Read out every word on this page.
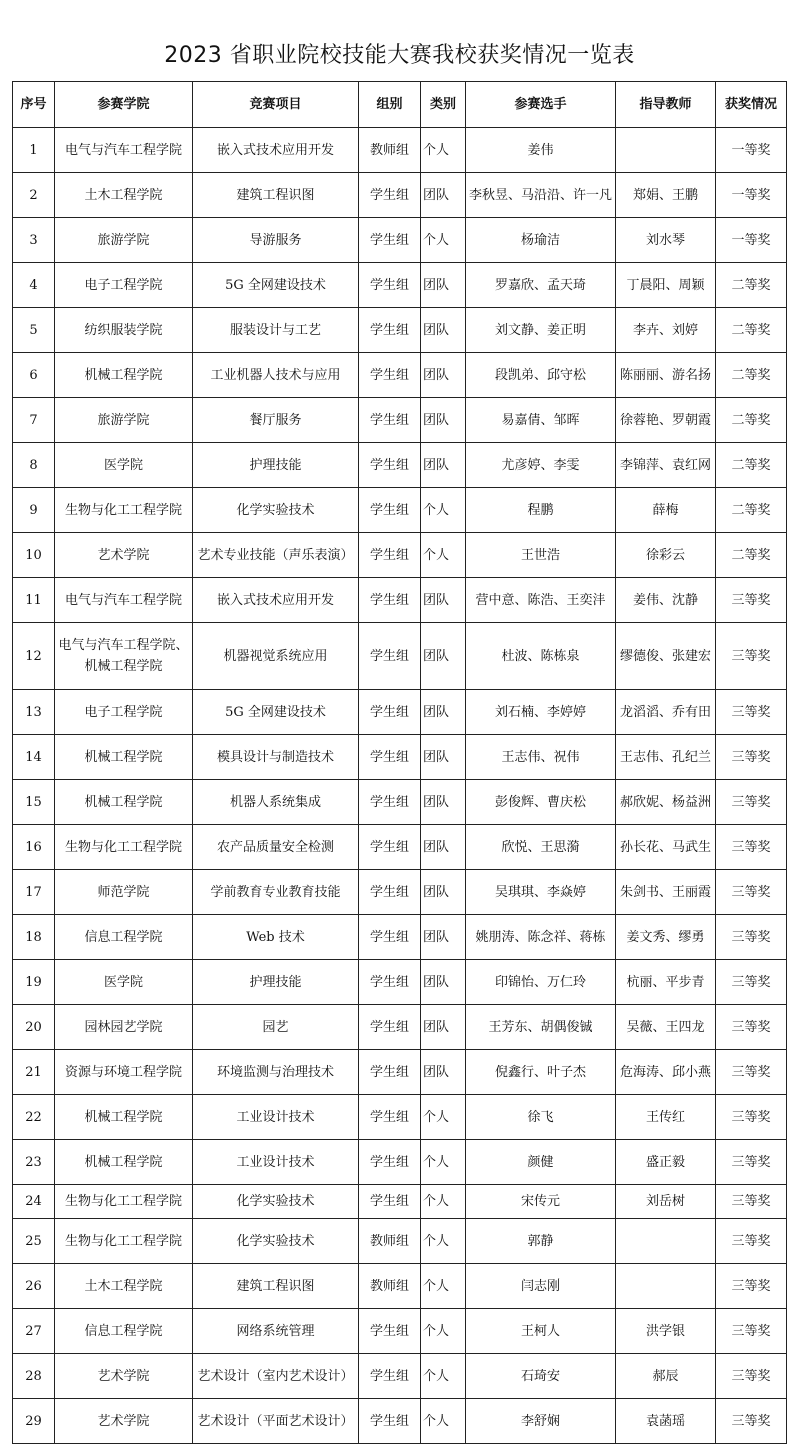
2023 省职业院校技能大赛我校获奖情况一览表
序号	参赛学院	竞赛项目	组别	类别	参赛选手	指导教师	获奖情况
1	电气与汽车工程学院	嵌入式技术应用开发	教师组	个人	姜伟		一等奖
2	土木工程学院	建筑工程识图	学生组	团队	李秋昱、马沿沿、许一凡	郑娟、王鹏	一等奖
3	旅游学院	导游服务	学生组	个人	杨瑜洁	刘水琴	一等奖
4	电子工程学院	5G 全网建设技术	学生组	团队	罗嘉欣、孟天琦	丁晨阳、周颖	二等奖
5	纺织服装学院	服装设计与工艺	学生组	团队	刘文静、姜正明	李卉、刘婷	二等奖
6	机械工程学院	工业机器人技术与应用	学生组	团队	段凯弟、邱守松	陈丽丽、游名扬	二等奖
7	旅游学院	餐厅服务	学生组	团队	易嘉倩、邹晖	徐蓉艳、罗朝霞	二等奖
8	医学院	护理技能	学生组	团队	尤彦婷、李雯	李锦萍、袁红网	二等奖
9	生物与化工工程学院	化学实验技术	学生组	个人	程鹏	薛梅	二等奖
10	艺术学院	艺术专业技能（声乐表演）	学生组	个人	王世浩	徐彩云	二等奖
11	电气与汽车工程学院	嵌入式技术应用开发	学生组	团队	营中意、陈浩、王奕沣	姜伟、沈静	三等奖
12	电气与汽车工程学院、机械工程学院	机器视觉系统应用	学生组	团队	杜波、陈栋泉	缪德俊、张建宏	三等奖
13	电子工程学院	5G 全网建设技术	学生组	团队	刘石楠、李婷婷	龙滔滔、乔有田	三等奖
14	机械工程学院	模具设计与制造技术	学生组	团队	王志伟、祝伟	王志伟、孔纪兰	三等奖
15	机械工程学院	机器人系统集成	学生组	团队	彭俊辉、曹庆松	郝欣妮、杨益洲	三等奖
16	生物与化工工程学院	农产品质量安全检测	学生组	团队	欣悦、王思漪	孙长花、马武生	三等奖
17	师范学院	学前教育专业教育技能	学生组	团队	吴琪琪、李焱婷	朱剑书、王丽霞	三等奖
18	信息工程学院	Web 技术	学生组	团队	姚朋涛、陈念祥、蒋栋	姜文秀、缪勇	三等奖
19	医学院	护理技能	学生组	团队	印锦怡、万仁玲	杭丽、平步青	三等奖
20	园林园艺学院	园艺	学生组	团队	王芳东、胡偶俊铖	吴薇、王四龙	三等奖
21	资源与环境工程学院	环境监测与治理技术	学生组	团队	倪鑫行、叶子杰	危海涛、邱小燕	三等奖
22	机械工程学院	工业设计技术	学生组	个人	徐飞	王传红	三等奖
23	机械工程学院	工业设计技术	学生组	个人	颜健	盛正毅	三等奖
24	生物与化工工程学院	化学实验技术	学生组	个人	宋传元	刘岳树	三等奖
25	生物与化工工程学院	化学实验技术	教师组	个人	郭静		三等奖
26	土木工程学院	建筑工程识图	教师组	个人	闫志刚		三等奖
27	信息工程学院	网络系统管理	学生组	个人	王柯人	洪学银	三等奖
28	艺术学院	艺术设计（室内艺术设计）	学生组	个人	石琦安	郝辰	三等奖
29	艺术学院	艺术设计（平面艺术设计）	学生组	个人	李舒娴	袁菡瑶	三等奖
